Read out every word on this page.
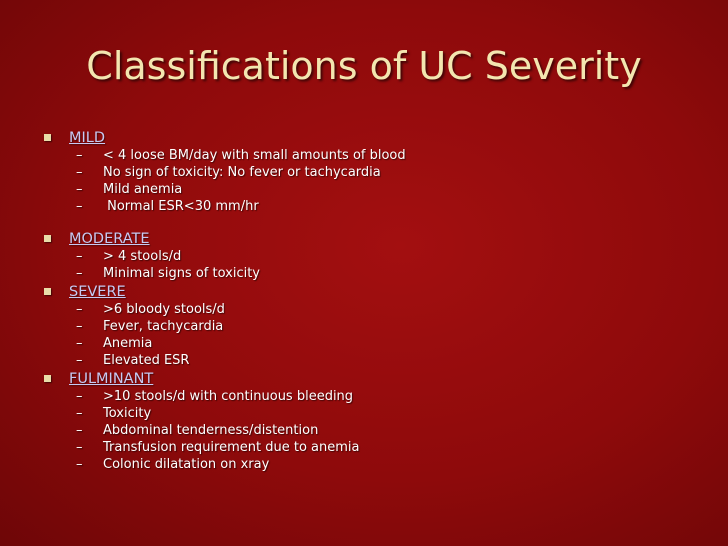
Classifications of UC Severity
MILD
–	< 4 loose BM/day with small amounts of blood
–	No sign of toxicity: No fever or tachycardia
–	Mild anemia
–	Normal ESR<30 mm/hr
MODERATE
–	> 4 stools/d
–	Minimal signs of toxicity
SEVERE
–	>6 bloody stools/d
–	Fever, tachycardia
–	Anemia
–	Elevated ESR
FULMINANT
–	>10 stools/d with continuous bleeding
–	Toxicity
–	Abdominal tenderness/distention
–	Transfusion requirement due to anemia
–	Colonic dilatation on xray
